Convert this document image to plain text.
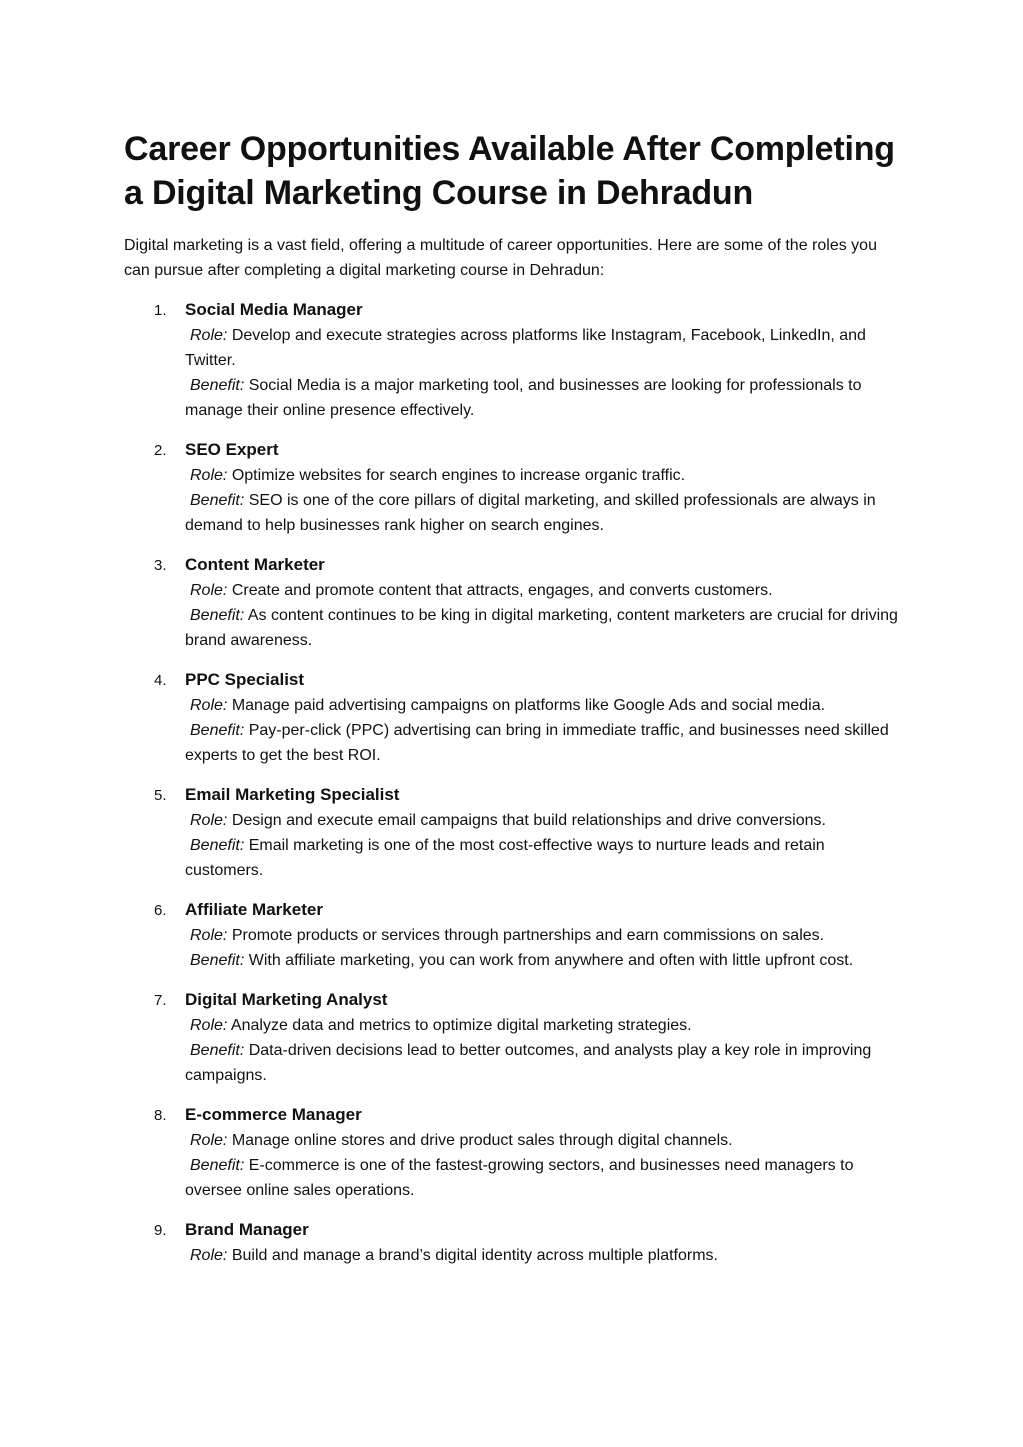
Career Opportunities Available After Completing
a Digital Marketing Course in Dehradun

Digital marketing is a vast field, offering a multitude of career opportunities. Here are some of the roles you can pursue after completing a digital marketing course in Dehradun:

1. Social Media Manager
Role: Develop and execute strategies across platforms like Instagram, Facebook, LinkedIn, and Twitter.
Benefit: Social Media is a major marketing tool, and businesses are looking for professionals to manage their online presence effectively.
2. SEO Expert
Role: Optimize websites for search engines to increase organic traffic.
Benefit: SEO is one of the core pillars of digital marketing, and skilled professionals are always in demand to help businesses rank higher on search engines.
3. Content Marketer
Role: Create and promote content that attracts, engages, and converts customers.
Benefit: As content continues to be king in digital marketing, content marketers are crucial for driving brand awareness.
4. PPC Specialist
Role: Manage paid advertising campaigns on platforms like Google Ads and social media.
Benefit: Pay-per-click (PPC) advertising can bring in immediate traffic, and businesses need skilled experts to get the best ROI.
5. Email Marketing Specialist
Role: Design and execute email campaigns that build relationships and drive conversions.
Benefit: Email marketing is one of the most cost-effective ways to nurture leads and retain customers.
6. Affiliate Marketer
Role: Promote products or services through partnerships and earn commissions on sales.
Benefit: With affiliate marketing, you can work from anywhere and often with little upfront cost.
7. Digital Marketing Analyst
Role: Analyze data and metrics to optimize digital marketing strategies.
Benefit: Data-driven decisions lead to better outcomes, and analysts play a key role in improving campaigns.
8. E-commerce Manager
Role: Manage online stores and drive product sales through digital channels.
Benefit: E-commerce is one of the fastest-growing sectors, and businesses need managers to oversee online sales operations.
9. Brand Manager
Role: Build and manage a brand’s digital identity across multiple platforms.
